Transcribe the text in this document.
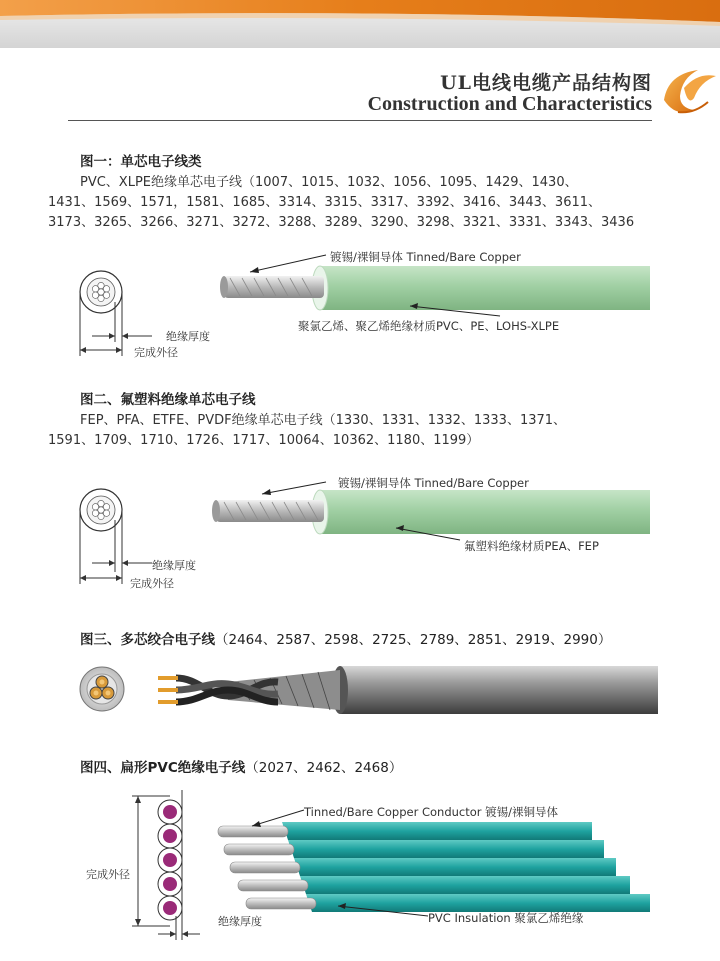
UL电线电缆产品结构图
Construction and Characteristics
图一：单芯电子线类
PVC、XLPE绝缘单芯电子线（1007、1015、1032、1056、1095、1429、1430、
1431、1569、1571，1581、1685、3314、3315、3317、3392、3416、3443、3611、
3173、3265、3266、3271、3272、3288、3289、3290、3298、3321、3331、3343、3436
绝缘厚度
完成外径
镀锡/裸铜导体 Tinned/Bare Copper
聚氯乙烯、聚乙烯绝缘材质PVC、PE、LOHS-XLPE
图二、氟塑料绝缘单芯电子线
FEP、PFA、ETFE、PVDF绝缘单芯电子线（1330、1331、1332、1333、1371、
1591、1709、1710、1726、1717、10064、10362、1180、1199）
绝缘厚度
完成外径
镀锡/裸铜导体 Tinned/Bare Copper
氟塑料绝缘材质PEA、FEP
图三、多芯绞合电子线（2464、2587、2598、2725、2789、2851、2919、2990）
图四、扁形PVC绝缘电子线（2027、2462、2468）
完成外径
绝缘厚度
Tinned/Bare Copper Conductor 镀锡/裸铜导体
PVC Insulation 聚氯乙烯绝缘
